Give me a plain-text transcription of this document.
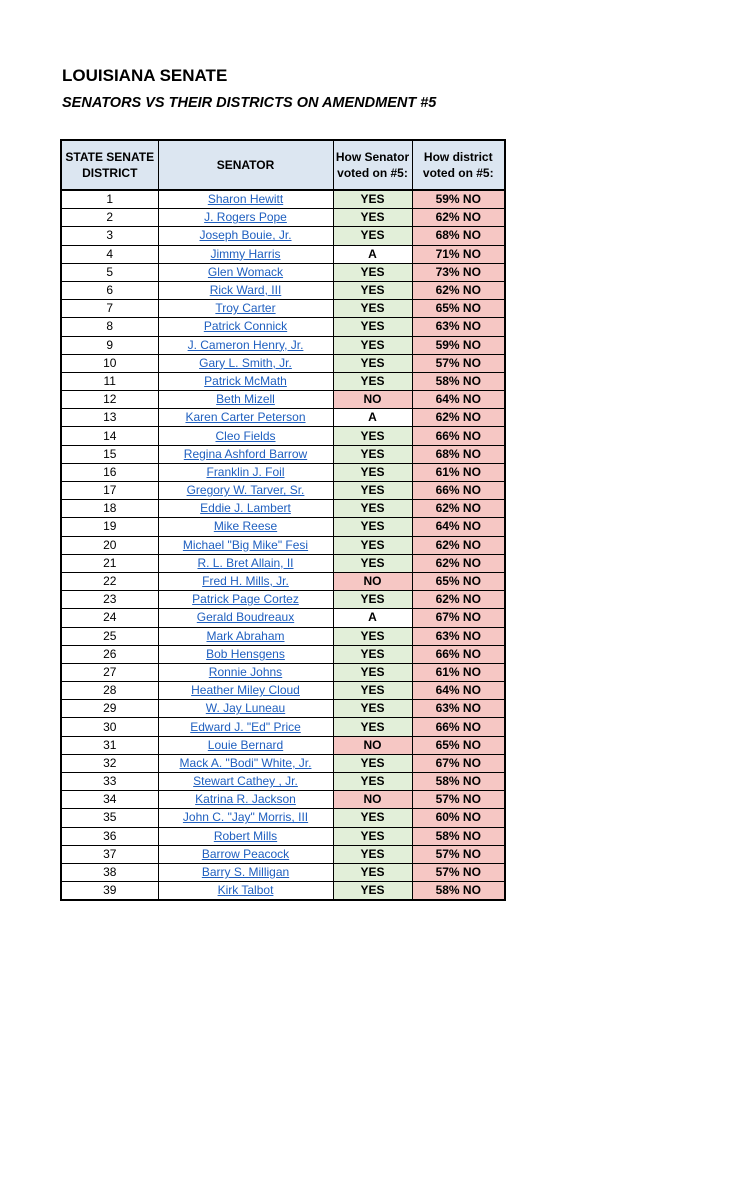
LOUISIANA SENATE
SENATORS VS THEIR DISTRICTS ON AMENDMENT #5
STATE SENATE DISTRICT	SENATOR	How Senator voted on #5:	How district voted on #5:
1	Sharon Hewitt	YES	59% NO
2	J. Rogers Pope	YES	62% NO
3	Joseph Bouie, Jr.	YES	68% NO
4	Jimmy Harris	A	71% NO
5	Glen Womack	YES	73% NO
6	Rick Ward, III	YES	62% NO
7	Troy Carter	YES	65% NO
8	Patrick Connick	YES	63% NO
9	J. Cameron Henry, Jr.	YES	59% NO
10	Gary L. Smith, Jr.	YES	57% NO
11	Patrick McMath	YES	58% NO
12	Beth Mizell	NO	64% NO
13	Karen Carter Peterson	A	62% NO
14	Cleo Fields	YES	66% NO
15	Regina Ashford Barrow	YES	68% NO
16	Franklin J. Foil	YES	61% NO
17	Gregory W. Tarver, Sr.	YES	66% NO
18	Eddie J. Lambert	YES	62% NO
19	Mike Reese	YES	64% NO
20	Michael "Big Mike" Fesi	YES	62% NO
21	R. L. Bret Allain, II	YES	62% NO
22	Fred H. Mills, Jr.	NO	65% NO
23	Patrick Page Cortez	YES	62% NO
24	Gerald Boudreaux	A	67% NO
25	Mark Abraham	YES	63% NO
26	Bob Hensgens	YES	66% NO
27	Ronnie Johns	YES	61% NO
28	Heather Miley Cloud	YES	64% NO
29	W. Jay Luneau	YES	63% NO
30	Edward J. "Ed" Price	YES	66% NO
31	Louie Bernard	NO	65% NO
32	Mack A. "Bodi" White, Jr.	YES	67% NO
33	Stewart Cathey , Jr.	YES	58% NO
34	Katrina R. Jackson	NO	57% NO
35	John C. "Jay" Morris, III	YES	60% NO
36	Robert Mills	YES	58% NO
37	Barrow Peacock	YES	57% NO
38	Barry S. Milligan	YES	57% NO
39	Kirk Talbot	YES	58% NO
